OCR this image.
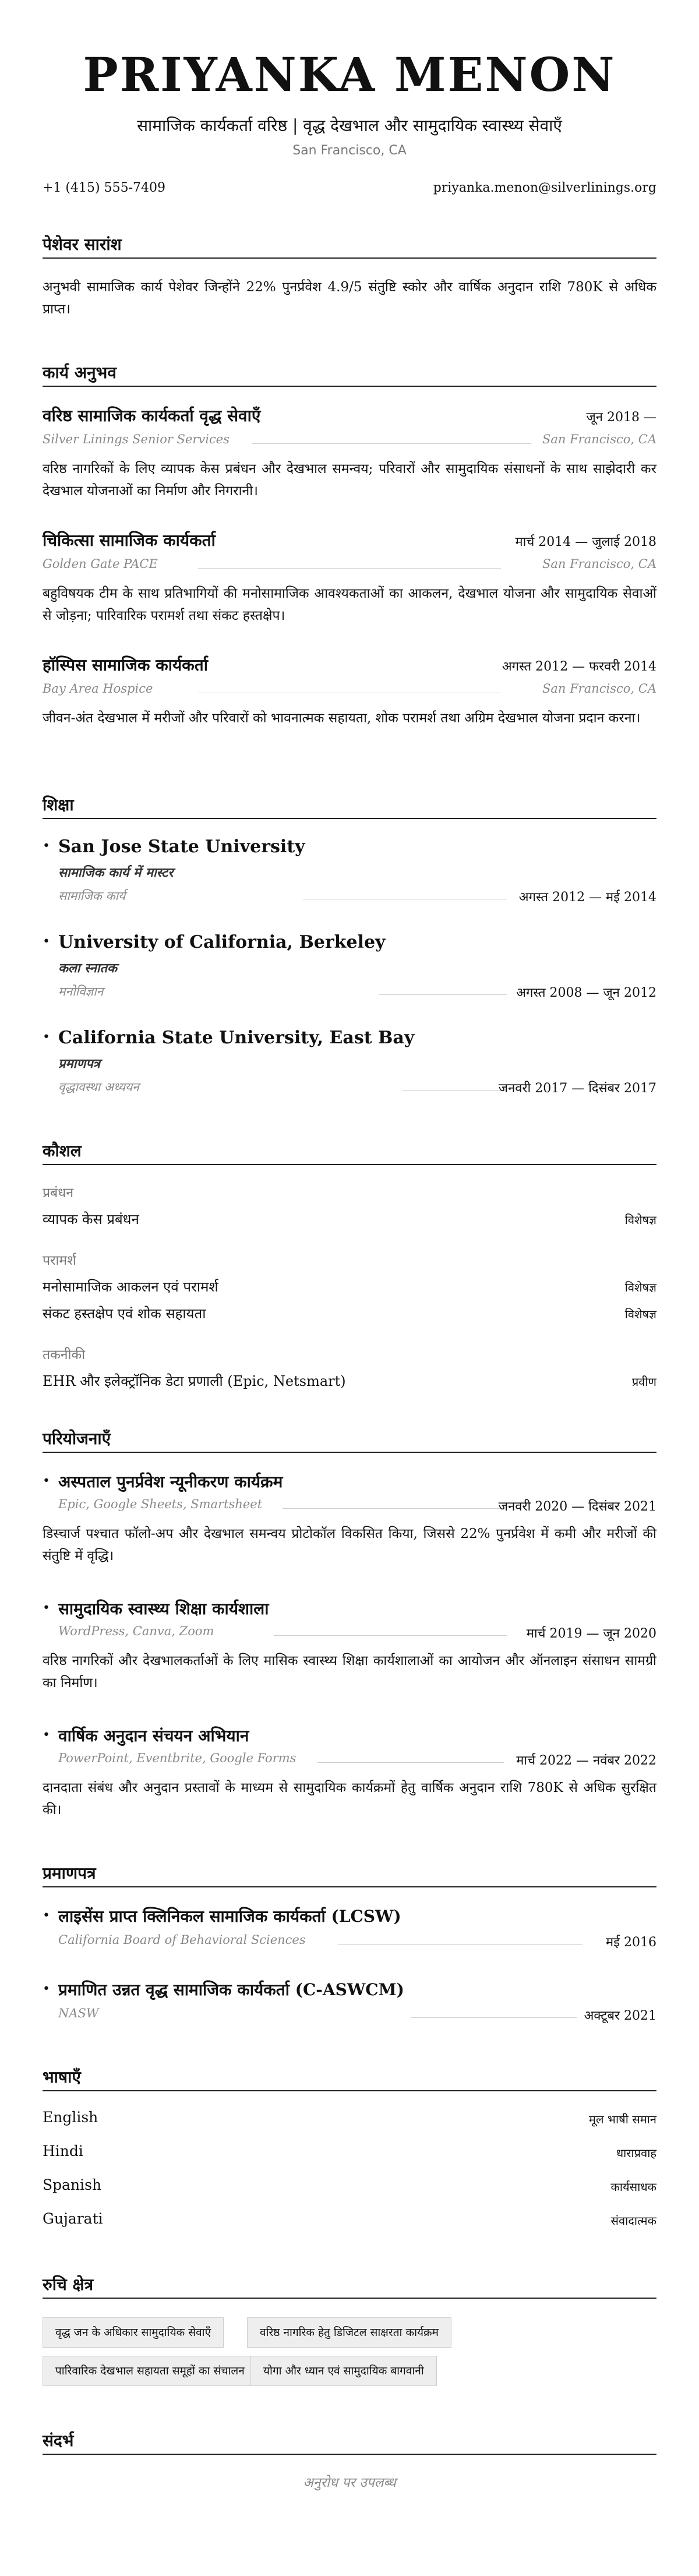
PRIYANKA MENON
सामाजिक कार्यकर्ता वरिष्ठ | वृद्ध देखभाल और सामुदायिक स्वास्थ्य सेवाएँ
San Francisco, CA
+1 (415) 555-7409	priyanka.menon@silverlinings.org
पेशेवर सारांश
अनुभवी सामाजिक कार्य पेशेवर जिन्होंने 22% पुनर्प्रवेश 4.9/5 संतुष्टि स्कोर और वार्षिक अनुदान राशि 780K से अधिक प्राप्त।
कार्य अनुभव
वरिष्ठ सामाजिक कार्यकर्ता वृद्ध सेवाएँ	जून 2018 —
Silver Linings Senior Services	San Francisco, CA
वरिष्ठ नागरिकों के लिए व्यापक केस प्रबंधन और देखभाल समन्वय; परिवारों और सामुदायिक संसाधनों के साथ साझेदारी कर देखभाल योजनाओं का निर्माण और निगरानी।
चिकित्सा सामाजिक कार्यकर्ता	मार्च 2014 — जुलाई 2018
Golden Gate PACE	San Francisco, CA
बहुविषयक टीम के साथ प्रतिभागियों की मनोसामाजिक आवश्यकताओं का आकलन, देखभाल योजना और सामुदायिक सेवाओं से जोड़ना; पारिवारिक परामर्श तथा संकट हस्तक्षेप।
हॉस्पिस सामाजिक कार्यकर्ता	अगस्त 2012 — फरवरी 2014
Bay Area Hospice	San Francisco, CA
जीवन-अंत देखभाल में मरीजों और परिवारों को भावनात्मक सहायता, शोक परामर्श तथा अग्रिम देखभाल योजना प्रदान करना।
शिक्षा
• San Jose State University
सामाजिक कार्य में मास्टर
सामाजिक कार्य	अगस्त 2012 — मई 2014
• University of California, Berkeley
कला स्नातक
मनोविज्ञान	अगस्त 2008 — जून 2012
• California State University, East Bay
प्रमाणपत्र
वृद्धावस्था अध्ययन	जनवरी 2017 — दिसंबर 2017
कौशल
प्रबंधन
व्यापक केस प्रबंधन	विशेषज्ञ
परामर्श
मनोसामाजिक आकलन एवं परामर्श	विशेषज्ञ
संकट हस्तक्षेप एवं शोक सहायता	विशेषज्ञ
तकनीकी
EHR और इलेक्ट्रॉनिक डेटा प्रणाली (Epic, Netsmart)	प्रवीण
परियोजनाएँ
• अस्पताल पुनर्प्रवेश न्यूनीकरण कार्यक्रम
Epic, Google Sheets, Smartsheet	जनवरी 2020 — दिसंबर 2021
डिस्चार्ज पश्चात फॉलो-अप और देखभाल समन्वय प्रोटोकॉल विकसित किया, जिससे 22% पुनर्प्रवेश में कमी और मरीजों की संतुष्टि में वृद्धि।
• सामुदायिक स्वास्थ्य शिक्षा कार्यशाला
WordPress, Canva, Zoom	मार्च 2019 — जून 2020
वरिष्ठ नागरिकों और देखभालकर्ताओं के लिए मासिक स्वास्थ्य शिक्षा कार्यशालाओं का आयोजन और ऑनलाइन संसाधन सामग्री का निर्माण।
• वार्षिक अनुदान संचयन अभियान
PowerPoint, Eventbrite, Google Forms	मार्च 2022 — नवंबर 2022
दानदाता संबंध और अनुदान प्रस्तावों के माध्यम से सामुदायिक कार्यक्रमों हेतु वार्षिक अनुदान राशि 780K से अधिक सुरक्षित की।
प्रमाणपत्र
• लाइसेंस प्राप्त क्लिनिकल सामाजिक कार्यकर्ता (LCSW)
California Board of Behavioral Sciences	मई 2016
• प्रमाणित उन्नत वृद्ध सामाजिक कार्यकर्ता (C-ASWCM)
NASW	अक्टूबर 2021
भाषाएँ
English	मूल भाषी समान
Hindi	धाराप्रवाह
Spanish	कार्यसाधक
Gujarati	संवादात्मक
रुचि क्षेत्र
वृद्ध जन के अधिकार सामुदायिक सेवाएँ	वरिष्ठ नागरिक हेतु डिजिटल साक्षरता कार्यक्रम
पारिवारिक देखभाल सहायता समूहों का संचालन	योगा और ध्यान एवं सामुदायिक बागवानी
संदर्भ
अनुरोध पर उपलब्ध
